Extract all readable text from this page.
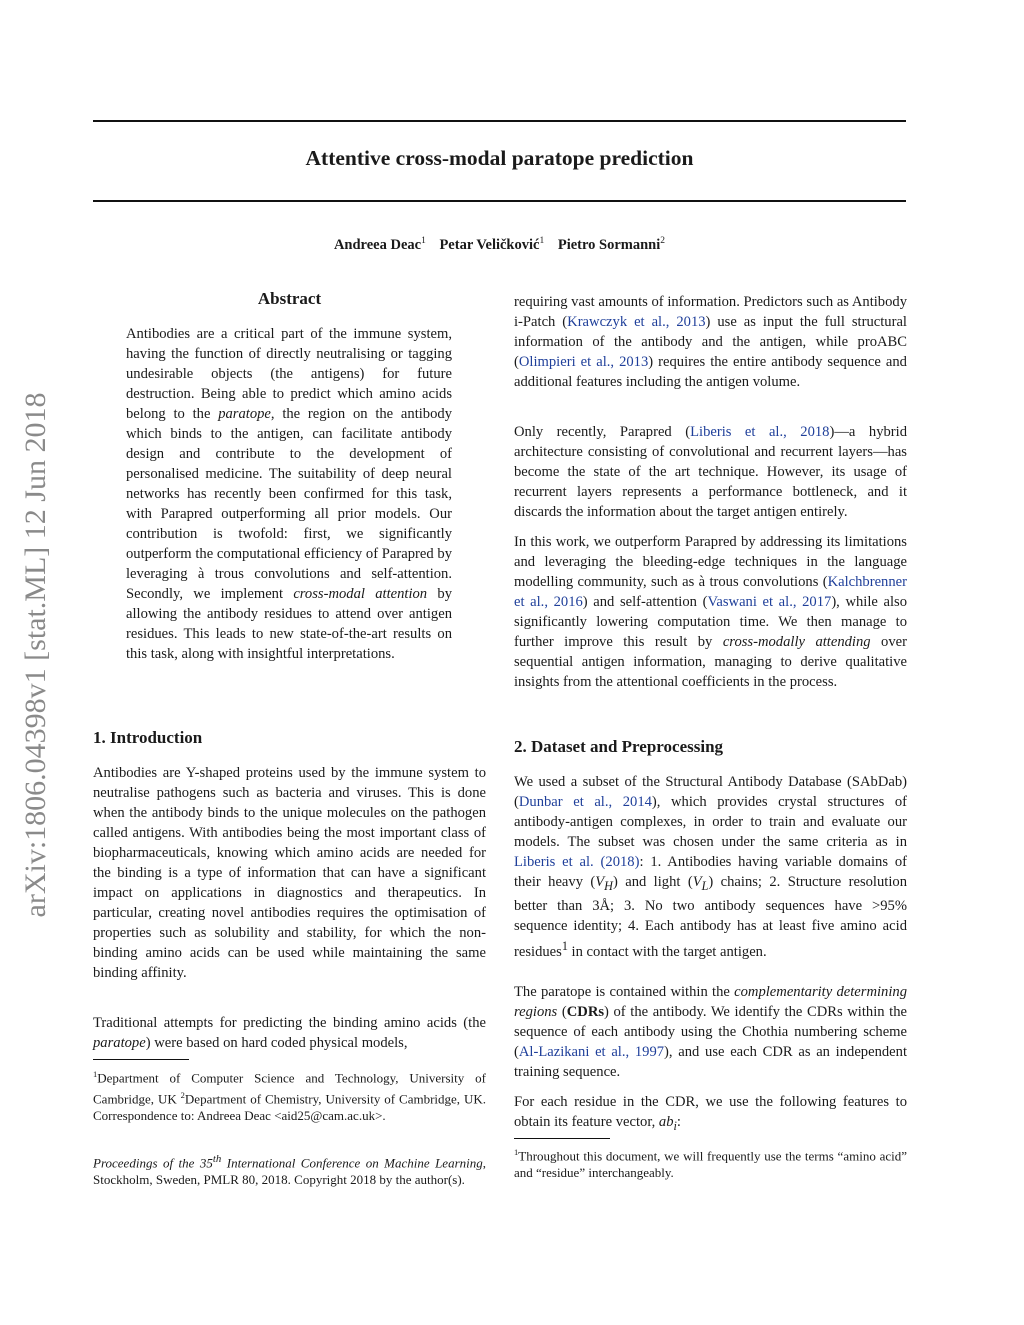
Attentive cross-modal paratope prediction
Andreea Deac$^1$ Petar Veličković$^1$ Pietro Sormanni$^2$
arXiv:1806.04398v1 [stat.ML] 12 Jun 2018
Abstract

Antibodies are a critical part of the immune system, having the function of directly neutralising or tagging undesirable objects (the antigens) for future destruction. Being able to predict which amino acids belong to the paratope, the region on the antibody which binds to the antigen, can facilitate antibody design and contribute to the development of personalised medicine. The suitability of deep neural networks has recently been confirmed for this task, with Parapred outperforming all prior models. Our contribution is twofold: first, we significantly outperform the computational efficiency of Parapred by leveraging à trous convolutions and self-attention. Secondly, we implement cross-modal attention by allowing the antibody residues to attend over antigen residues. This leads to new state-of-the-art results on this task, along with insightful interpretations.

1. Introduction

Antibodies are Y-shaped proteins used by the immune system to neutralise pathogens such as bacteria and viruses. This is done when the antibody binds to the unique molecules on the pathogen called antigens. With antibodies being the most important class of biopharmaceuticals, knowing which amino acids are needed for the binding is a type of information that can have a significant impact on applications in diagnostics and therapeutics. In particular, creating novel antibodies requires the optimisation of properties such as solubility and stability, for which the non-binding amino acids can be used while maintaining the same binding affinity.

Traditional attempts for predicting the binding amino acids (the paratope) were based on hard coded physical models,

$^1$Department of Computer Science and Technology, University of Cambridge, UK $^2$Department of Chemistry, University of Cambridge, UK. Correspondence to: Andreea Deac <aid25@cam.ac.uk>.

Proceedings of the 35th International Conference on Machine Learning, Stockholm, Sweden, PMLR 80, 2018. Copyright 2018 by the author(s).

requiring vast amounts of information. Predictors such as Antibody i-Patch (Krawczyk et al., 2013) use as input the full structural information of the antibody and the antigen, while proABC (Olimpieri et al., 2013) requires the entire antibody sequence and additional features including the antigen volume.

Only recently, Parapred (Liberis et al., 2018)—a hybrid architecture consisting of convolutional and recurrent layers—has become the state of the art technique. However, its usage of recurrent layers represents a performance bottleneck, and it discards the information about the target antigen entirely.

In this work, we outperform Parapred by addressing its limitations and leveraging the bleeding-edge techniques in the language modelling community, such as à trous convolutions (Kalchbrenner et al., 2016) and self-attention (Vaswani et al., 2017), while also significantly lowering computation time. We then manage to further improve this result by cross-modally attending over sequential antigen information, managing to derive qualitative insights from the attentional coefficients in the process.

2. Dataset and Preprocessing

We used a subset of the Structural Antibody Database (SAbDab) (Dunbar et al., 2014), which provides crystal structures of antibody-antigen complexes, in order to train and evaluate our models. The subset was chosen under the same criteria as in Liberis et al. (2018): 1. Antibodies having variable domains of their heavy $(V_H)$ and light $(V_L)$ chains; 2. Structure resolution better than 3Å; 3. No two antibody sequences have >95% sequence identity; 4. Each antibody has at least five amino acid residues$^1$ in contact with the target antigen.

The paratope is contained within the complementarity determining regions (CDRs) of the antibody. We identify the CDRs within the sequence of each antibody using the Chothia numbering scheme (Al-Lazikani et al., 1997), and use each CDR as an independent training sequence.

For each residue in the CDR, we use the following features to obtain its feature vector, $ab_i$:

$^1$Throughout this document, we will frequently use the terms “amino acid” and “residue” interchangeably.
